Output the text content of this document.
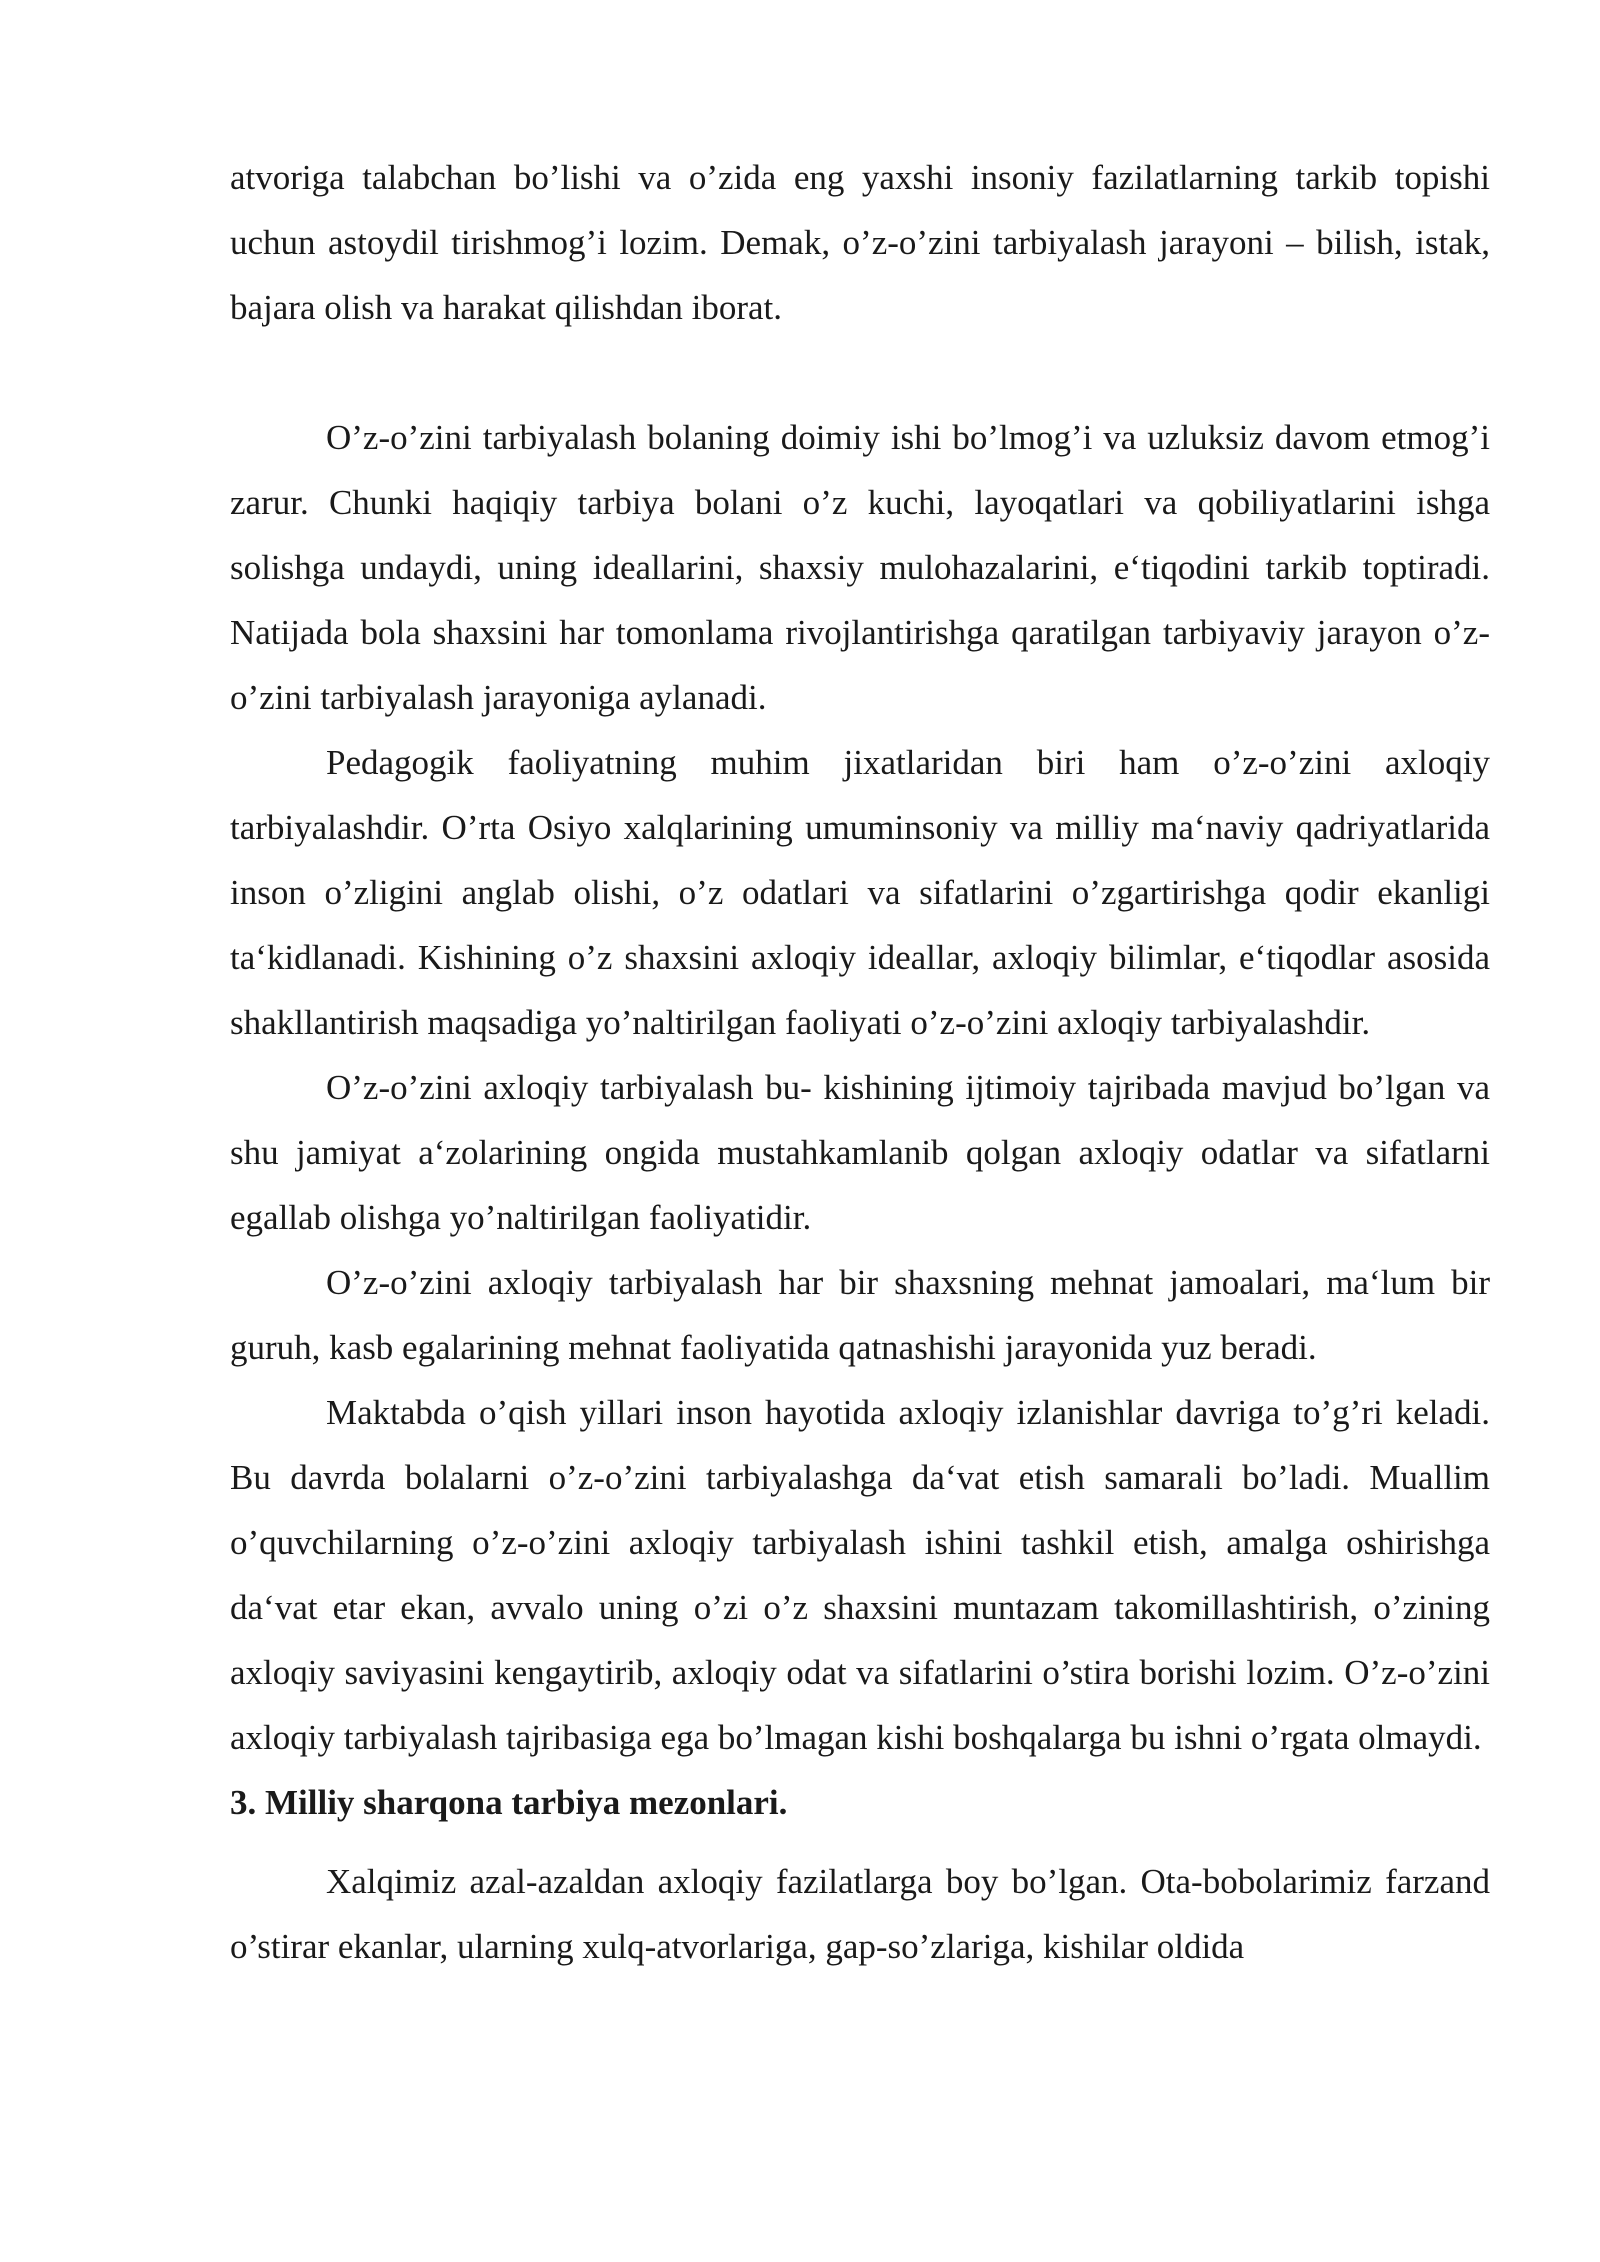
atvoriga talabchan bo’lishi va o’zida eng yaxshi insoniy fazilatlarning tarkib topishi uchun astoydil tirishmog’i lozim. Demak, o’z-o’zini tarbiyalash jarayoni – bilish, istak, bajara olish va harakat qilishdan iborat.

O’z-o’zini tarbiyalash bolaning doimiy ishi bo’lmog’i va uzluksiz davom etmog’i zarur. Chunki haqiqiy tarbiya bolani o’z kuchi, layoqatlari va qobiliyatlarini ishga solishga undaydi, uning ideallarini, shaxsiy mulohazalarini, e‘tiqodini tarkib toptiradi. Natijada bola shaxsini har tomonlama rivojlantirishga qaratilgan tarbiyaviy jarayon o’z-o’zini tarbiyalash jarayoniga aylanadi.

Pedagogik faoliyatning muhim jixatlaridan biri ham o’z-o’zini axloqiy tarbiyalashdir. O’rta Osiyo xalqlarining umuminsoniy va milliy ma‘naviy qadriyatlarida inson o’zligini anglab olishi, o’z odatlari va sifatlarini o’zgartirishga qodir ekanligi ta‘kidlanadi. Kishining o’z shaxsini axloqiy ideallar, axloqiy bilimlar, e‘tiqodlar asosida shakllantirish maqsadiga yo’naltirilgan faoliyati o’z-o’zini axloqiy tarbiyalashdir.

O’z-o’zini axloqiy tarbiyalash bu- kishining ijtimoiy tajribada mavjud bo’lgan va shu jamiyat a‘zolarining ongida mustahkamlanib qolgan axloqiy odatlar va sifatlarni egallab olishga yo’naltirilgan faoliyatidir.

O’z-o’zini axloqiy tarbiyalash har bir shaxsning mehnat jamoalari, ma‘lum bir guruh, kasb egalarining mehnat faoliyatida qatnashishi jarayonida yuz beradi.

Maktabda o’qish yillari inson hayotida axloqiy izlanishlar davriga to’g’ri keladi. Bu davrda bolalarni o’z-o’zini tarbiyalashga da‘vat etish samarali bo’ladi. Muallim o’quvchilarning o’z-o’zini axloqiy tarbiyalash ishini tashkil etish, amalga oshirishga da‘vat etar ekan, avvalo uning o’zi o’z shaxsini muntazam takomillashtirish, o’zining axloqiy saviyasini kengaytirib, axloqiy odat va sifatlarini o’stira borishi lozim. O’z-o’zini axloqiy tarbiyalash tajribasiga ega bo’lmagan kishi boshqalarga bu ishni o’rgata olmaydi.

3. Milliy sharqona tarbiya mezonlari.

Xalqimiz azal-azaldan axloqiy fazilatlarga boy bo’lgan. Ota-bobolarimiz farzand o’stirar ekanlar, ularning xulq-atvorlariga, gap-so’zlariga, kishilar oldida
